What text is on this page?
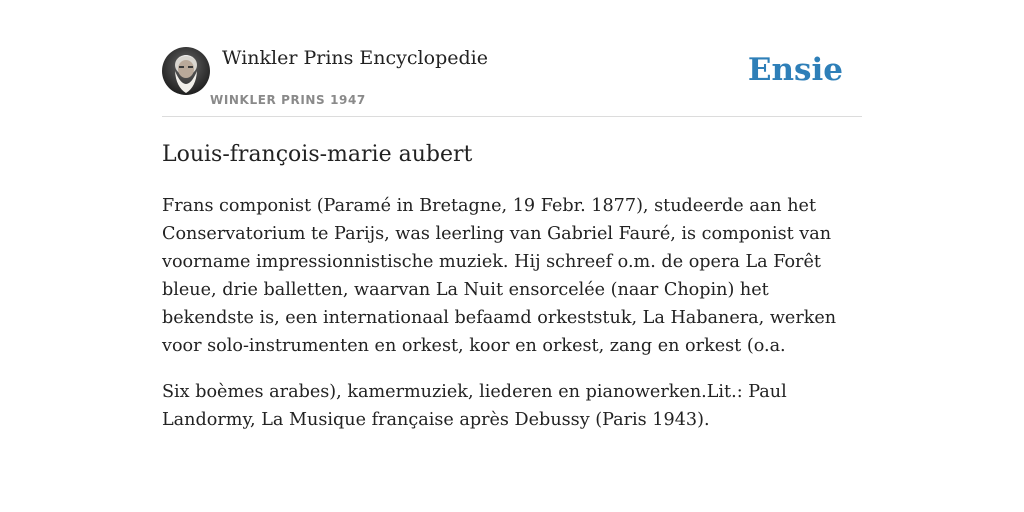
Winkler Prins Encyclopedie
WINKLER PRINS 1947
Ensie
Louis-françois-marie aubert

Frans componist (Paramé in Bretagne, 19 Febr. 1877), studeerde aan het Conservatorium te Parijs, was leerling van Gabriel Fauré, is componist van voorname impressionnistische muziek. Hij schreef o.m. de opera La Forêt bleue, drie balletten, waarvan La Nuit ensorcelée (naar Chopin) het bekendste is, een internationaal befaamd orkeststuk, La Habanera, werken voor solo-instrumenten en orkest, koor en orkest, zang en orkest (o.a.

Six boèmes arabes), kamermuziek, liederen en pianowerken.Lit.: Paul Landormy, La Musique française après Debussy (Paris 1943).
